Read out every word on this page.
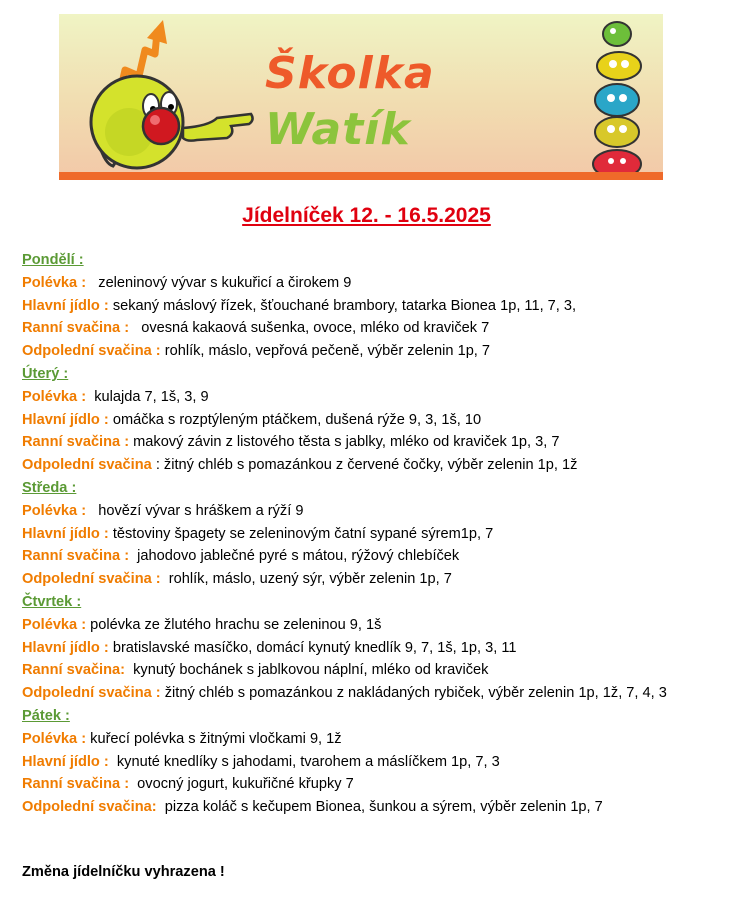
Školka
Watík
Jídelníček 12. - 16.5.2025
Pondělí :
Polévka : zeleninový vývar s kukuřicí a čirokem 9
Hlavní jídlo : sekaný máslový řízek, šťouchané brambory, tatarka Bionea 1p, 11, 7, 3,
Ranní svačina : ovesná kakaová sušenka, ovoce, mléko od kraviček 7
Odpolední svačina : rohlík, máslo, vepřová pečeně, výběr zelenin 1p, 7
Úterý :
Polévka : kulajda 7, 1š, 3, 9
Hlavní jídlo : omáčka s rozptýleným ptáčkem, dušená rýže 9, 3, 1š, 10
Ranní svačina : makový závin z listového těsta s jablky, mléko od kraviček 1p, 3, 7
Odpolední svačina : žitný chléb s pomazánkou z červené čočky, výběr zelenin 1p, 1ž
Středa :
Polévka : hovězí vývar s hráškem a rýží 9
Hlavní jídlo : těstoviny špagety se zeleninovým čatní sypané sýrem1p, 7
Ranní svačina : jahodovo jablečné pyré s mátou, rýžový chlebíček
Odpolední svačina : rohlík, máslo, uzený sýr, výběr zelenin 1p, 7
Čtvrtek :
Polévka : polévka ze žlutého hrachu se zeleninou 9, 1š
Hlavní jídlo : bratislavské masíčko, domácí kynutý knedlík 9, 7, 1š, 1p, 3, 11
Ranní svačina: kynutý bochánek s jablkovou náplní, mléko od kraviček
Odpolední svačina : žitný chléb s pomazánkou z nakládaných rybiček, výběr zelenin 1p, 1ž, 7, 4, 3
Pátek :
Polévka : kuřecí polévka s žitnými vločkami 9, 1ž
Hlavní jídlo : kynuté knedlíky s jahodami, tvarohem a máslíčkem 1p, 7, 3
Ranní svačina : ovocný jogurt, kukuřičné křupky 7
Odpolední svačina: pizza koláč s kečupem Bionea, šunkou a sýrem, výběr zelenin 1p, 7
Změna jídelníčku vyhrazena !
